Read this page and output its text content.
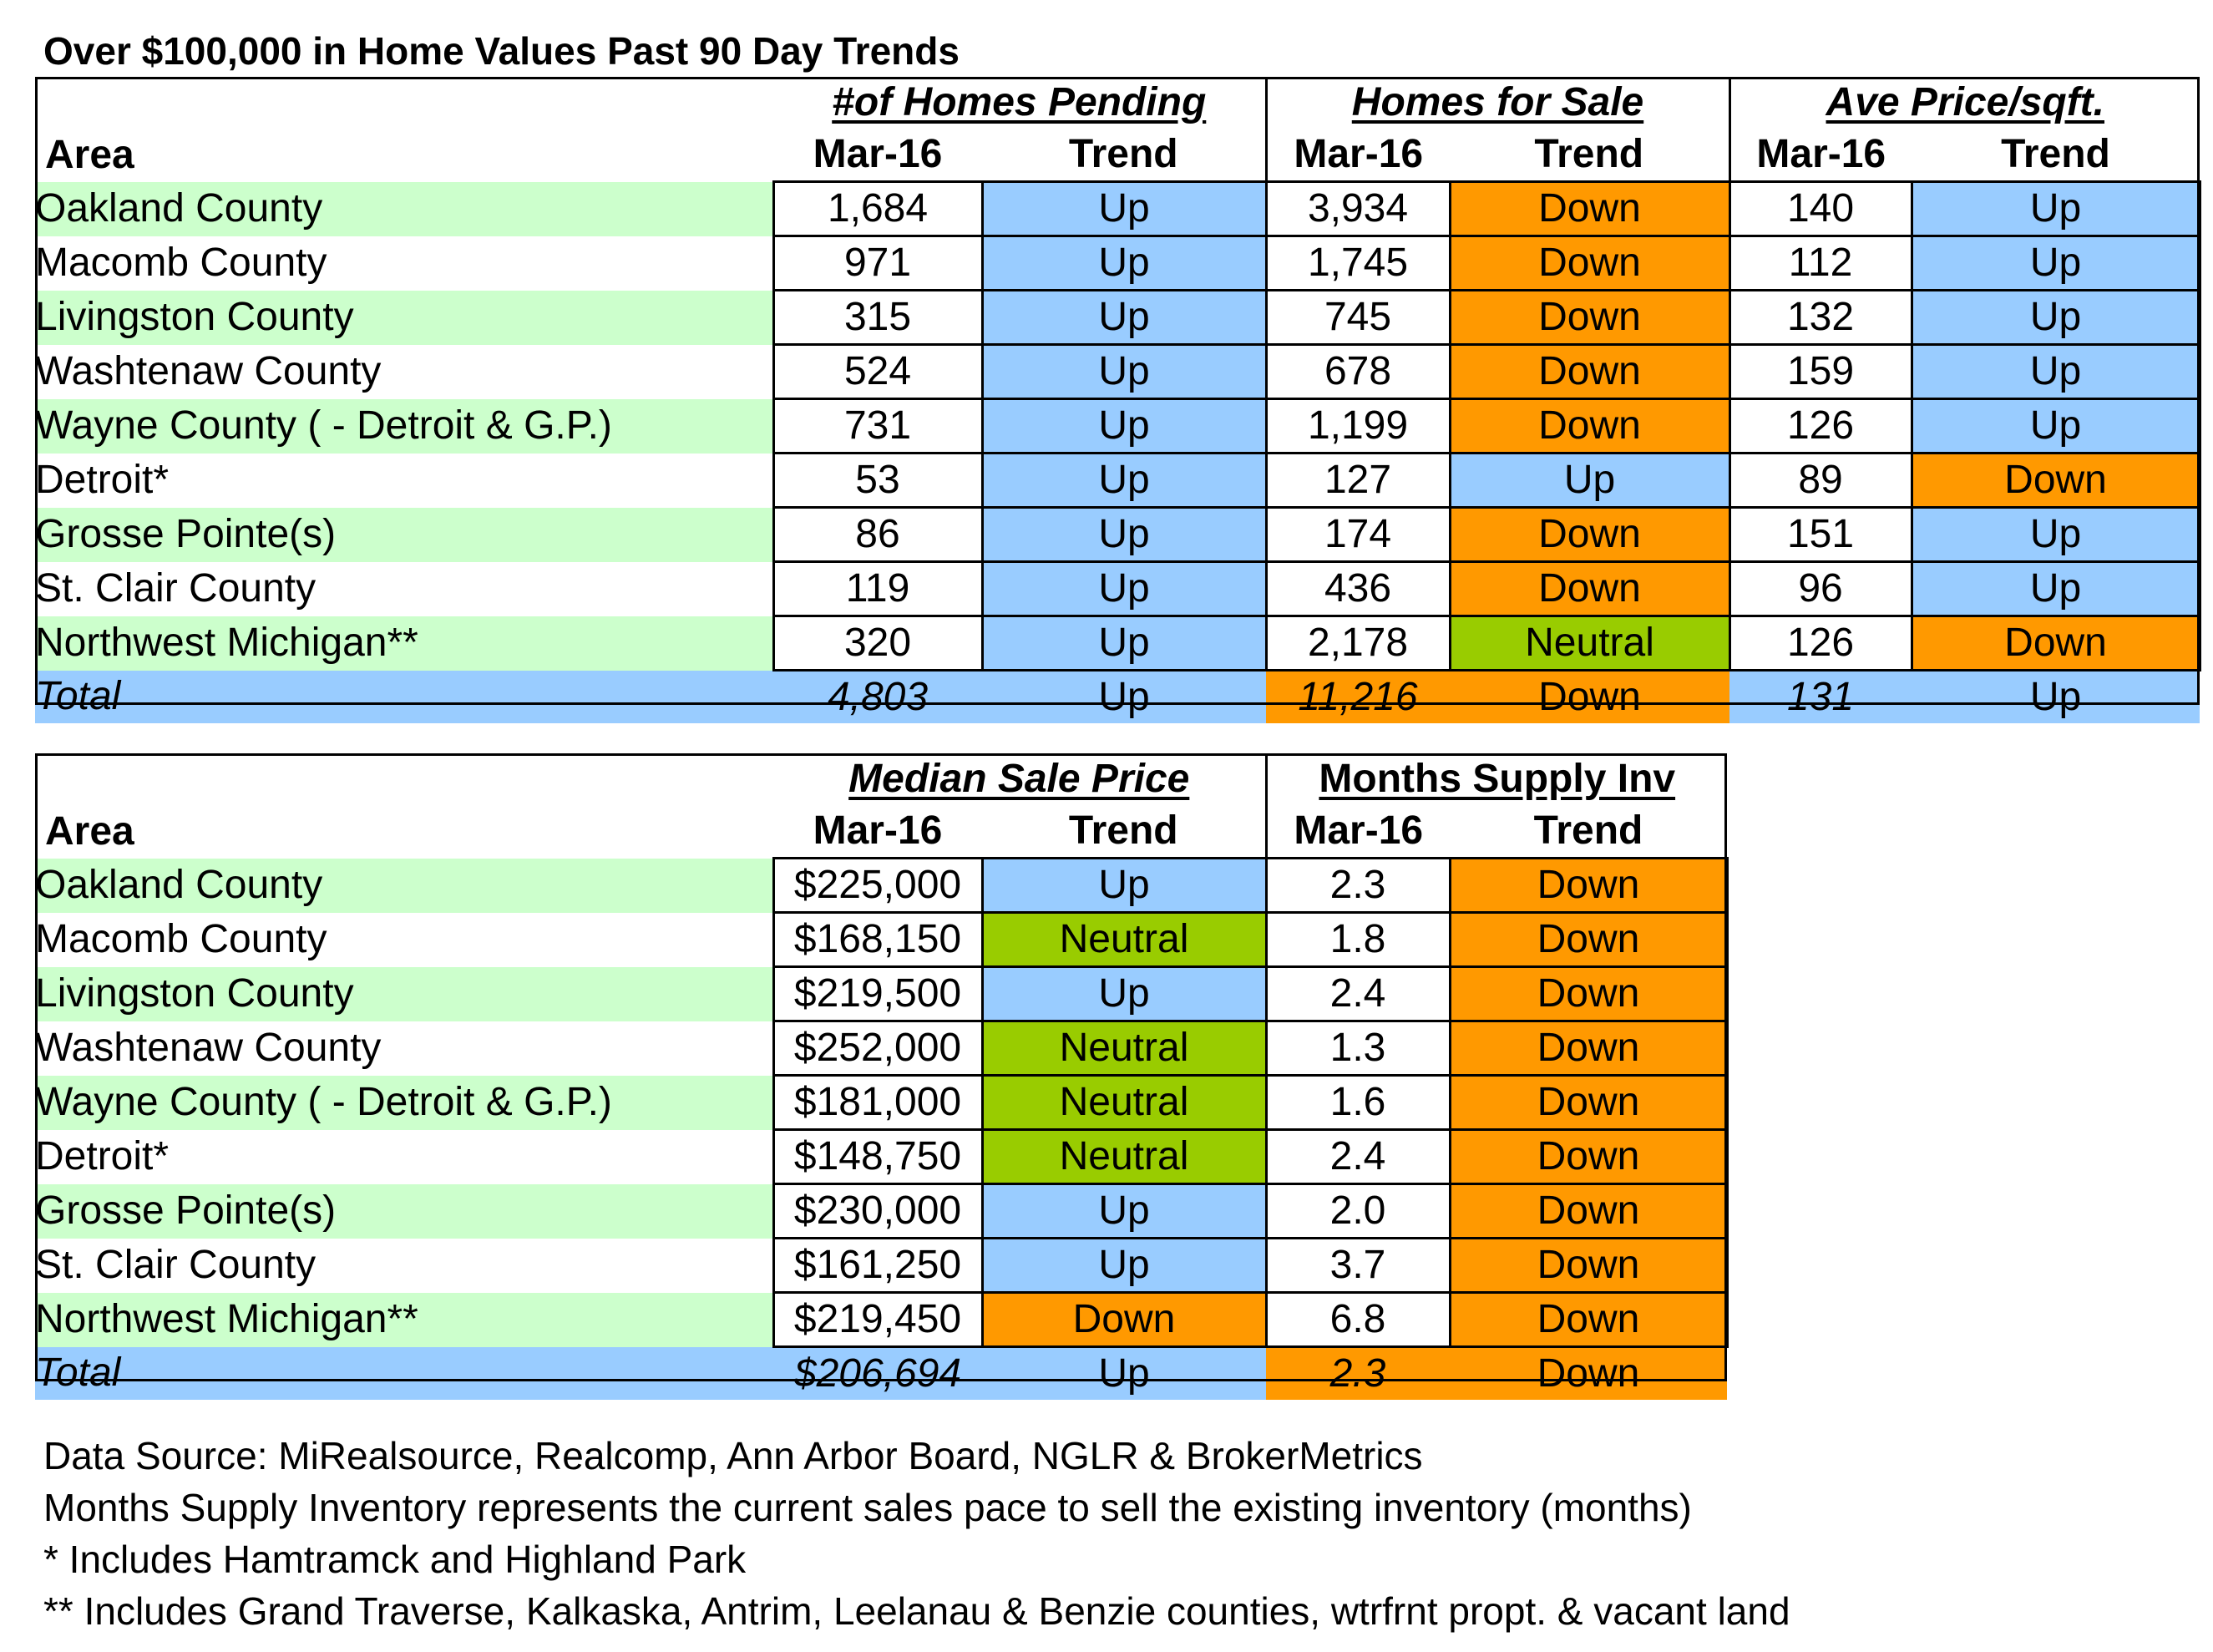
Over $100,000 in Home Values Past 90 Day Trends
	#of Homes Pending		Homes for Sale		Ave Price/sqft.	
Area	Mar-16	Trend	Mar-16	Trend	Mar-16	Trend
Oakland County	1,684	Up	3,934	Down	140	Up
Macomb County	971	Up	1,745	Down	112	Up
Livingston County	315	Up	745	Down	132	Up
Washtenaw County	524	Up	678	Down	159	Up
Wayne County ( - Detroit & G.P.)	731	Up	1,199	Down	126	Up
Detroit*	53	Up	127	Up	89	Down
Grosse Pointe(s)	86	Up	174	Down	151	Up
St. Clair County	119	Up	436	Down	96	Up
Northwest Michigan**	320	Up	2,178	Neutral	126	Down
Total	4,803	Up	11,216	Down	131	Up
	Median Sale Price		Months Supply Inv	
Area	Mar-16	Trend	Mar-16	Trend
Oakland County	$225,000	Up	2.3	Down
Macomb County	$168,150	Neutral	1.8	Down
Livingston County	$219,500	Up	2.4	Down
Washtenaw County	$252,000	Neutral	1.3	Down
Wayne County ( - Detroit & G.P.)	$181,000	Neutral	1.6	Down
Detroit*	$148,750	Neutral	2.4	Down
Grosse Pointe(s)	$230,000	Up	2.0	Down
St. Clair County	$161,250	Up	3.7	Down
Northwest Michigan**	$219,450	Down	6.8	Down
Total	$206,694	Up	2.3	Down
Data Source: MiRealsource, Realcomp, Ann Arbor Board, NGLR & BrokerMetrics
Months Supply Inventory represents the current sales pace to sell the existing inventory (months)
* Includes Hamtramck and Highland Park
** Includes Grand Traverse, Kalkaska, Antrim, Leelanau & Benzie counties, wtrfrnt propt. & vacant land
